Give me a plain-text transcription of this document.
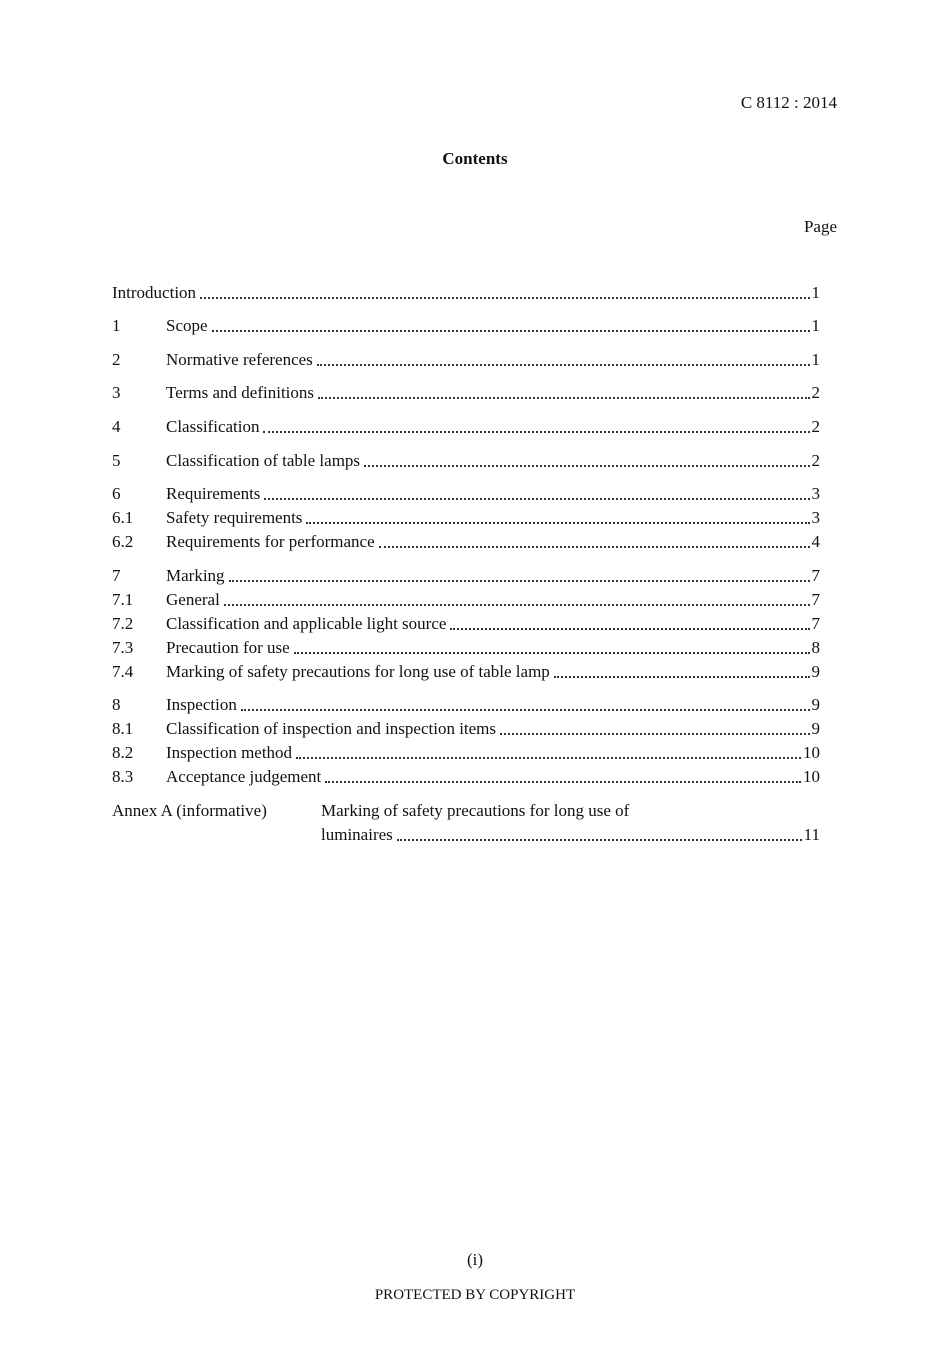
C 8112 : 2014
Contents
Page
Introduction	1
1	Scope	1
2	Normative references	1
3	Terms and definitions	2
4	Classification	2
5	Classification of table lamps	2
6	Requirements	3
6.1	Safety requirements	3
6.2	Requirements for performance	4
7	Marking	7
7.1	General	7
7.2	Classification and applicable light source	7
7.3	Precaution for use	8
7.4	Marking of safety precautions for long use of table lamp	9
8	Inspection	9
8.1	Classification of inspection and inspection items	9
8.2	Inspection method	10
8.3	Acceptance judgement	10
Annex A (informative)	Marking of safety precautions for long use of
luminaires	11
(i)
PROTECTED BY COPYRIGHT
